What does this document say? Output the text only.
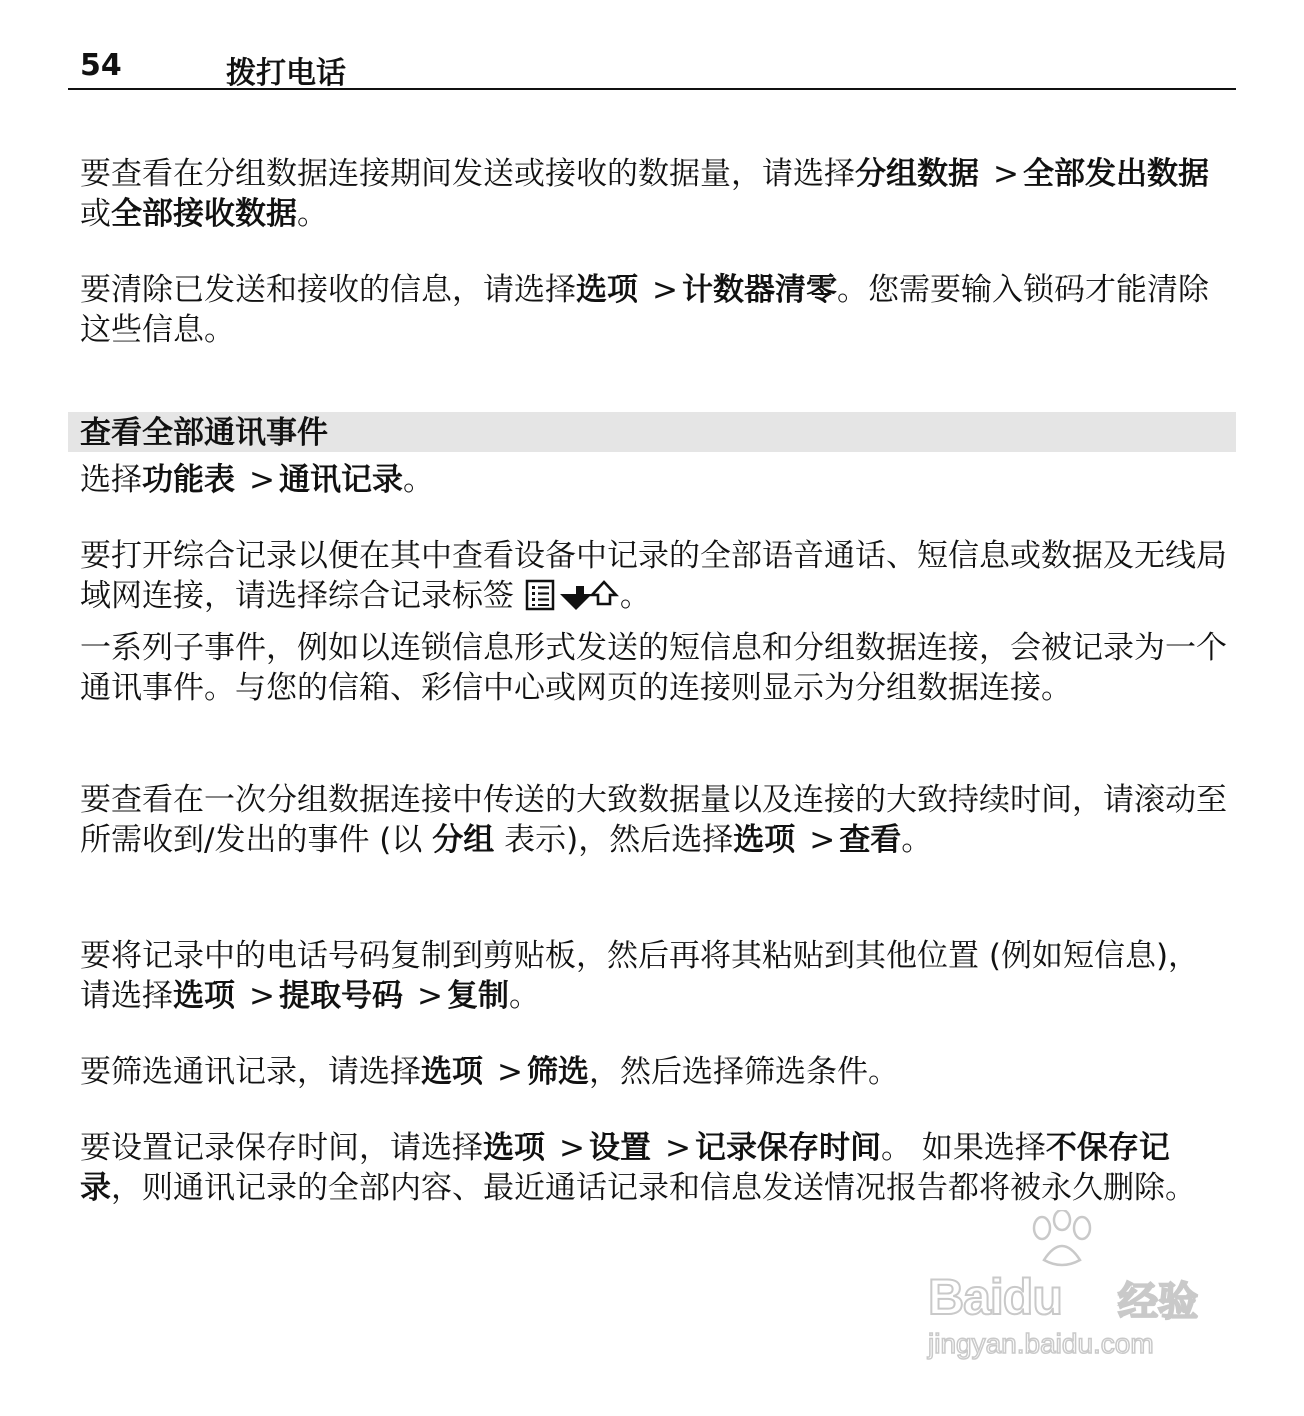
54	拨打电话

要查看在分组数据连接期间发送或接收的数据量，请选择分组数据 > 全部发出数据或全部接收数据。

要清除已发送和接收的信息，请选择选项 > 计数器清零。您需要输入锁码才能清除这些信息。

查看全部通讯事件

选择功能表 > 通讯记录。

要打开综合记录以便在其中查看设备中记录的全部语音通话、短信息或数据及无线局域网连接，请选择综合记录标签	。

一系列子事件，例如以连锁信息形式发送的短信息和分组数据连接，会被记录为一个通讯事件。与您的信箱、彩信中心或网页的连接则显示为分组数据连接。

要查看在一次分组数据连接中传送的大致数据量以及连接的大致持续时间，请滚动至所需收到/发出的事件 (以 分组 表示)，然后选择选项 > 查看。

要将记录中的电话号码复制到剪贴板，然后再将其粘贴到其他位置 (例如短信息)，请选择选项 > 提取号码 > 复制。

要筛选通讯记录，请选择选项 > 筛选，然后选择筛选条件。

要设置记录保存时间，请选择选项 > 设置 > 记录保存时间。 如果选择不保存记录，则通讯记录的全部内容、最近通话记录和信息发送情况报告都将被永久删除。

Baidu 经验
jingyan.baidu.com
